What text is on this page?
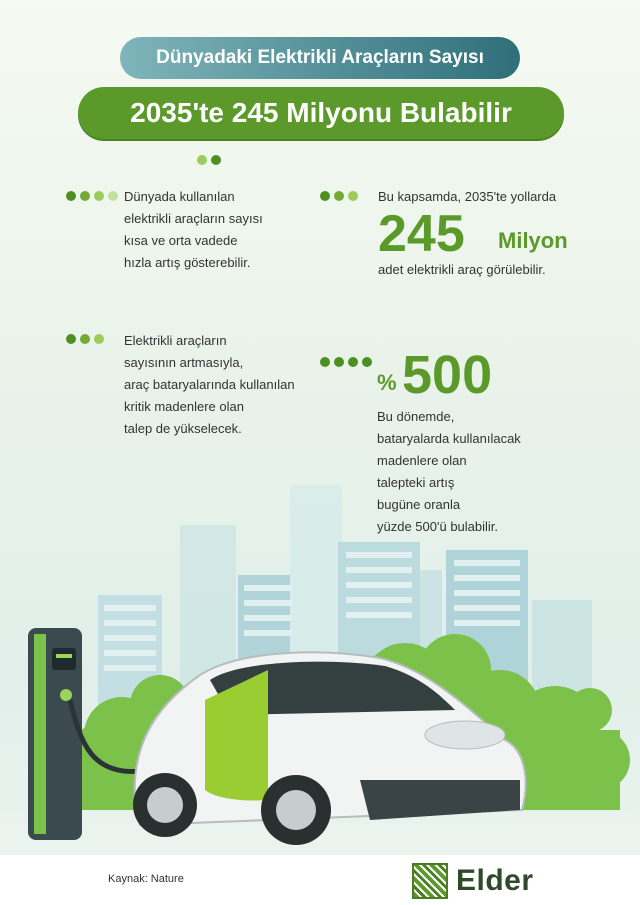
Dünyadaki Elektrikli Araçların Sayısı
2035'te 245 Milyonu Bulabilir
Dünyada kullanılan
elektrikli araçların sayısı
kısa ve orta vadede
hızla artış gösterebilir.
Bu kapsamda, 2035'te yollarda
245 Milyon
adet elektrikli araç görülebilir.
Elektrikli araçların
sayısının artmasıyla,
araç bataryalarında kullanılan
kritik madenlere olan
talep de yükselecek.
% 500
Bu dönemde,
bataryalarda kullanılacak
madenlere olan
talepteki artış
bugüne oranla
yüzde 500'ü bulabilir.
Kaynak: Nature	Elder
